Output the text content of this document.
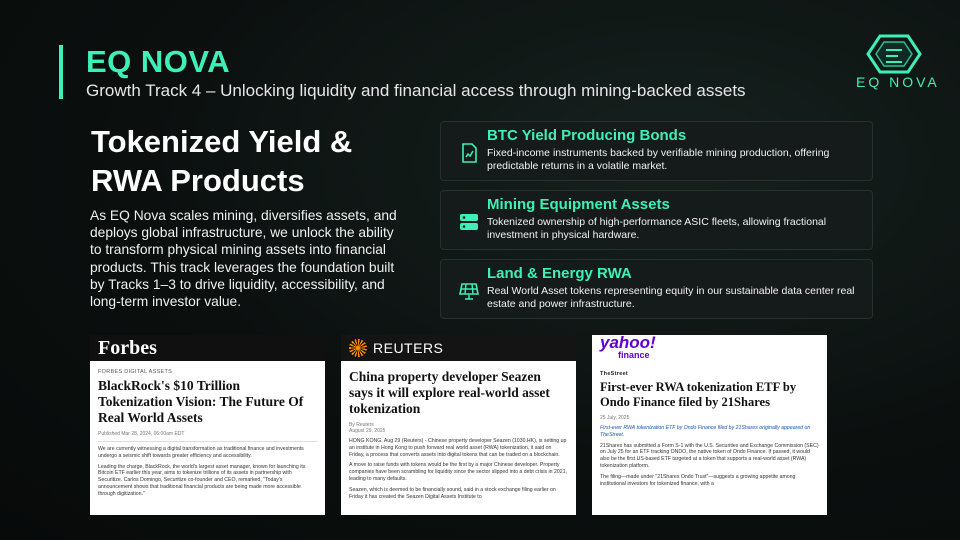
EQ NOVA
Growth Track 4 – Unlocking liquidity and financial access through mining-backed assets	EQ NOVA
Tokenized Yield &
RWA Products
As EQ Nova scales mining, diversifies assets, and deploys global infrastructure, we unlock the ability to transform physical mining assets into financial products. This track leverages the foundation built by Tracks 1–3 to drive liquidity, accessibility, and long-term investor value.
BTC Yield Producing Bonds
Fixed-income instruments backed by verifiable mining production, offering predictable returns in a volatile market.
Mining Equipment Assets
Tokenized ownership of high-performance ASIC fleets, allowing fractional investment in physical hardware.
Land & Energy RWA
Real World Asset tokens representing equity in our sustainable data center real estate and power infrastructure.
Forbes
FORBES DIGITAL ASSETS
BlackRock's $10 Trillion Tokenization Vision: The Future Of Real World Assets
Published Mar 28, 2024, 06:00am EDT
We are currently witnessing a digital transformation as traditional finance and investments undergo a seismic shift towards greater efficiency and accessibility.
Leading the charge, BlackRock, the world's largest asset manager, known for launching its Bitcoin ETF earlier this year, aims to tokenize trillions of its assets in partnership with Securitize. Carlos Domingo, Securitize co-founder and CEO, remarked, "Today's announcement shows that traditional financial products are being made more accessible through digitization."
REUTERS
China property developer Seazen says it will explore real-world asset tokenization
By Reuters
August 29, 2025
HONG KONG, Aug 29 (Reuters) - Chinese property developer Seazen (1030.HK), is setting up an institute in Hong Kong to push forward real world asset (RWA) tokenization, it said on Friday, a process that converts assets into digital tokens that can be traded on a blockchain.
A move to raise funds with tokens would be the first by a major Chinese developer. Property companies have been scrambling for liquidity since the sector slipped into a debt crisis in 2021, leading to many defaults.
Seazen, which is deemed to be financially sound, said in a stock exchange filing earlier on Friday it has created the Seazen Digital Assets Institute to
yahoo!
finance
TheStreet
First-ever RWA tokenization ETF by Ondo Finance filed by 21Shares
25 July, 2025
First-ever RWA tokenization ETF by Ondo Finance filed by 21Shares originally appeared on TheStreet.
21Shares has submitted a Form S-1 with the U.S. Securities and Exchange Commission (SEC) on July 25 for an ETF tracking ONDO, the native token of Ondo Finance. If passed, it would also be the first US-based ETF targeted at a token that supports a real-world asset (RWA) tokenization platform.
The filing—made under "21Shares Ondo Trust"—suggests a growing appetite among institutional investors for tokenized finance, with a
